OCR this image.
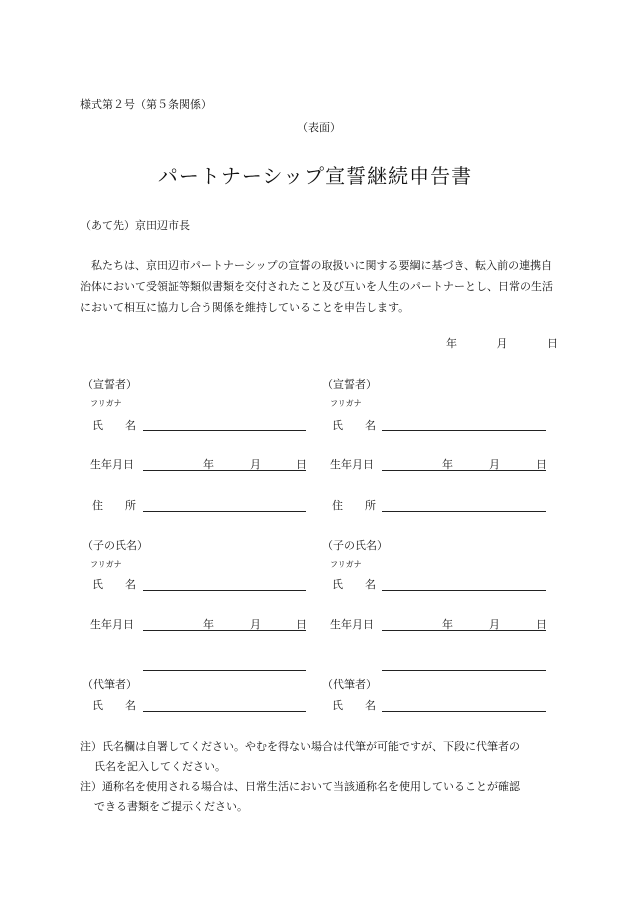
様式第２号（第５条関係）
（表面）
パートナーシップ宣誓継続申告書
（あて先）京田辺市長
　私たちは、京田辺市パートナーシップの宣誓の取扱いに関する要綱に基づき、転入前の連携自治体において受領証等類似書類を交付されたこと及び互いを人生のパートナーとし、日常の生活において相互に協力し合う関係を維持していることを申告します。
年	月	日
（宣誓者）
フリガナ
氏　　名
生年月日	年	月	日
住　　所
（子の氏名）
フリガナ
氏　　名
生年月日	年	月	日
（代筆者）
氏　　名
（宣誓者）
フリガナ
氏　　名
生年月日	年	月	日
住　　所
（子の氏名）
フリガナ
氏　　名
生年月日	年	月	日
（代筆者）
氏　　名
注）氏名欄は自署してください。やむを得ない場合は代筆が可能ですが、下段に代筆者の
氏名を記入してください。
注）通称名を使用される場合は、日常生活において当該通称名を使用していることが確認
できる書類をご提示ください。
